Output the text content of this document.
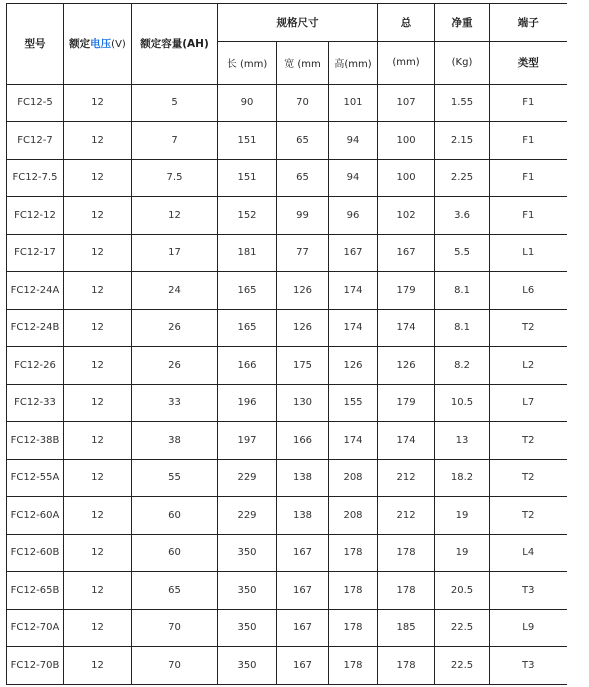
型号	额定电压(V)	额定容量(AH)	规格尺寸			总	净重	端子
			长 (mm)	宽 (mm	高(mm)	(mm)	(Kg)	类型
FC12-5	12	5	90	70	101	107	1.55	F1
FC12-7	12	7	151	65	94	100	2.15	F1
FC12-7.5	12	7.5	151	65	94	100	2.25	F1
FC12-12	12	12	152	99	96	102	3.6	F1
FC12-17	12	17	181	77	167	167	5.5	L1
FC12-24A	12	24	165	126	174	179	8.1	L6
FC12-24B	12	26	165	126	174	174	8.1	T2
FC12-26	12	26	166	175	126	126	8.2	L2
FC12-33	12	33	196	130	155	179	10.5	L7
FC12-38B	12	38	197	166	174	174	13	T2
FC12-55A	12	55	229	138	208	212	18.2	T2
FC12-60A	12	60	229	138	208	212	19	T2
FC12-60B	12	60	350	167	178	178	19	L4
FC12-65B	12	65	350	167	178	178	20.5	T3
FC12-70A	12	70	350	167	178	185	22.5	L9
FC12-70B	12	70	350	167	178	178	22.5	T3
